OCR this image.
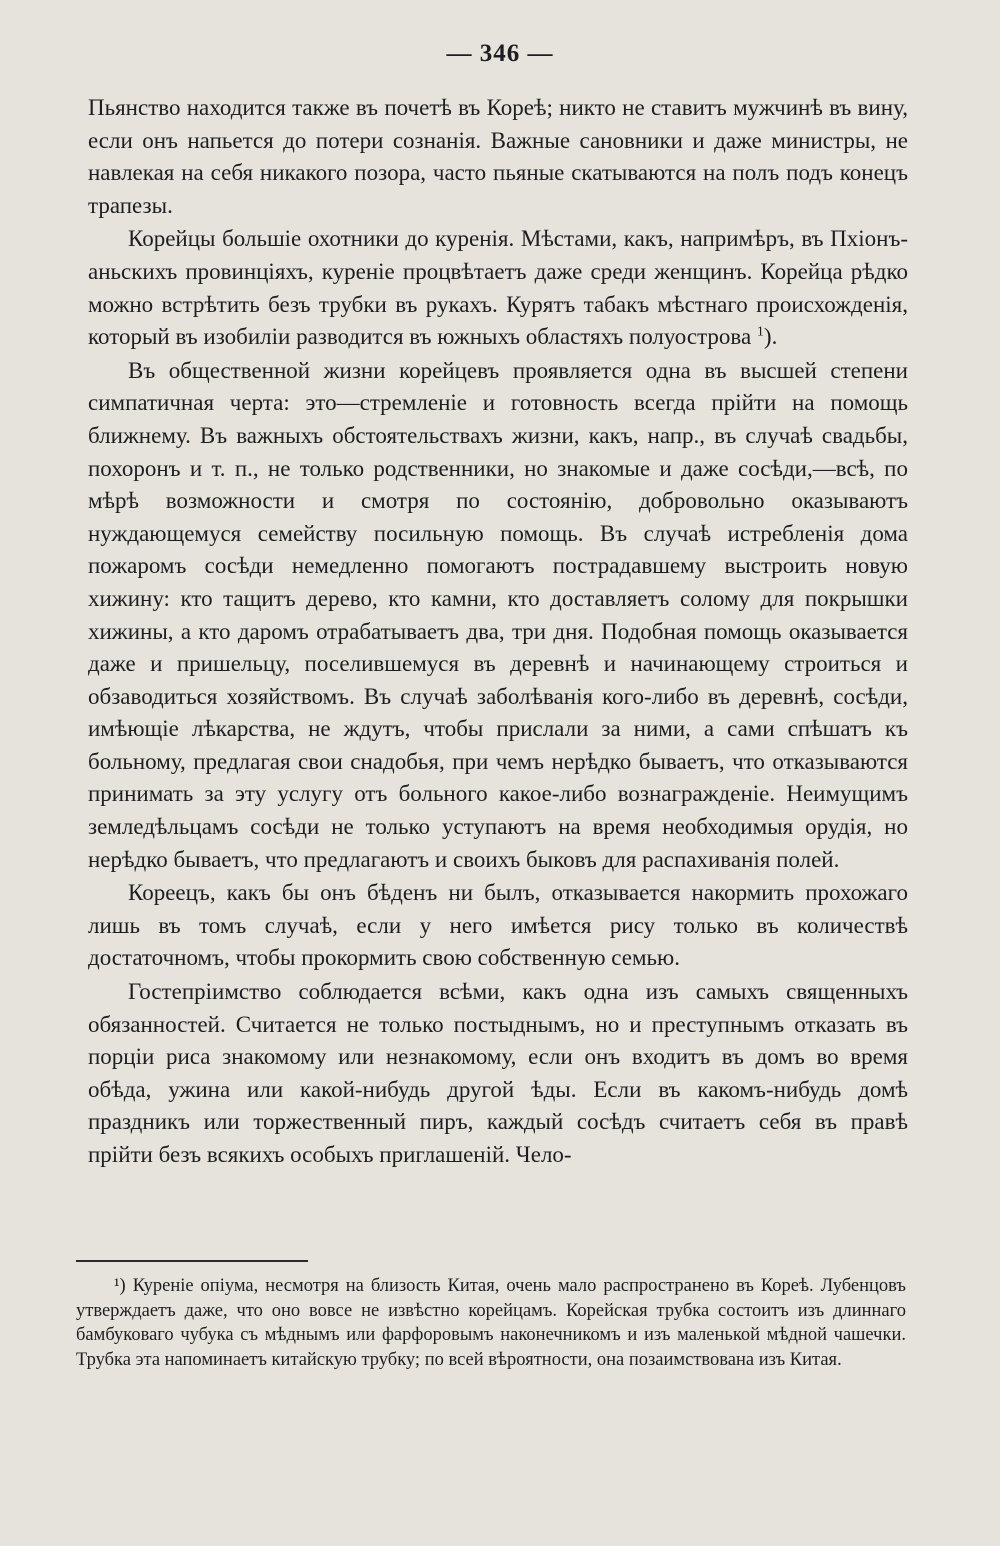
— 346 —

Пьянство находится также въ почетѣ въ Кореѣ; никто не ставитъ мужчинѣ въ вину, если онъ напьется до потери сознанія. Важные сановники и даже министры, не навлекая на себя никакого позора, часто пьяные скатываются на полъ подъ конецъ трапезы.

Корейцы большіе охотники до куренія. Мѣстами, какъ, напримѣръ, въ Пхіонъ-аньскихъ провинціяхъ, куреніе процвѣтаетъ даже среди женщинъ. Корейца рѣдко можно встрѣтить безъ трубки въ рукахъ. Курятъ табакъ мѣстнаго происхожденія, который въ изобиліи разводится въ южныхъ областяхъ полуострова $^1$).

Въ общественной жизни корейцевъ проявляется одна въ высшей степени симпатичная черта: это—стремленіе и готовность всегда прійти на помощь ближнему. Въ важныхъ обстоятельствахъ жизни, какъ, напр., въ случаѣ свадьбы, похоронъ и т. п., не только родственники, но знакомые и даже сосѣди,—всѣ, по мѣрѣ возможности и смотря по состоянію, добровольно оказываютъ нуждающемуся семейству посильную помощь. Въ случаѣ истребленія дома пожаромъ сосѣди немедленно помогаютъ пострадавшему выстроить новую хижину: кто тащитъ дерево, кто камни, кто доставляетъ солому для покрышки хижины, а кто даромъ отрабатываетъ два, три дня. Подобная помощь оказывается даже и пришельцу, поселившемуся въ деревнѣ и начинающему строиться и обзаводиться хозяйствомъ. Въ случаѣ заболѣванія кого-либо въ деревнѣ, сосѣди, имѣющіе лѣкарства, не ждутъ, чтобы прислали за ними, а сами спѣшатъ къ больному, предлагая свои снадобья, при чемъ нерѣдко бываетъ, что отказываются принимать за эту услугу отъ больного какое-либо вознагражденіе. Неимущимъ земледѣльцамъ сосѣди не только уступаютъ на время необходимыя орудія, но нерѣдко бываетъ, что предлагаютъ и своихъ быковъ для распахиванія полей.

Кореецъ, какъ бы онъ бѣденъ ни былъ, отказывается накормить прохожаго лишь въ томъ случаѣ, если у него имѣется рису только въ количествѣ достаточномъ, чтобы прокормить свою собственную семью.

Гостепріимство соблюдается всѣми, какъ одна изъ самыхъ священныхъ обязанностей. Считается не только постыднымъ, но и преступнымъ отказать въ порціи риса знакомому или незнакомому, если онъ входитъ въ домъ во время обѣда, ужина или какой-нибудь другой ѣды. Если въ какомъ-нибудь домѣ праздникъ или торжественный пиръ, каждый сосѣдъ считаетъ себя въ правѣ прійти безъ всякихъ особыхъ приглашеній. Чело-

¹) Куреніе опіума, несмотря на близость Китая, очень мало распространено въ Кореѣ. Лубенцовъ утверждаетъ даже, что оно вовсе не извѣстно корейцамъ. Корейская трубка состоитъ изъ длиннаго бамбуковаго чубука съ мѣднымъ или фарфоровымъ наконечникомъ и изъ маленькой мѣдной чашечки. Трубка эта напоминаетъ китайскую трубку; по всей вѣроятности, она позаимствована изъ Китая.
